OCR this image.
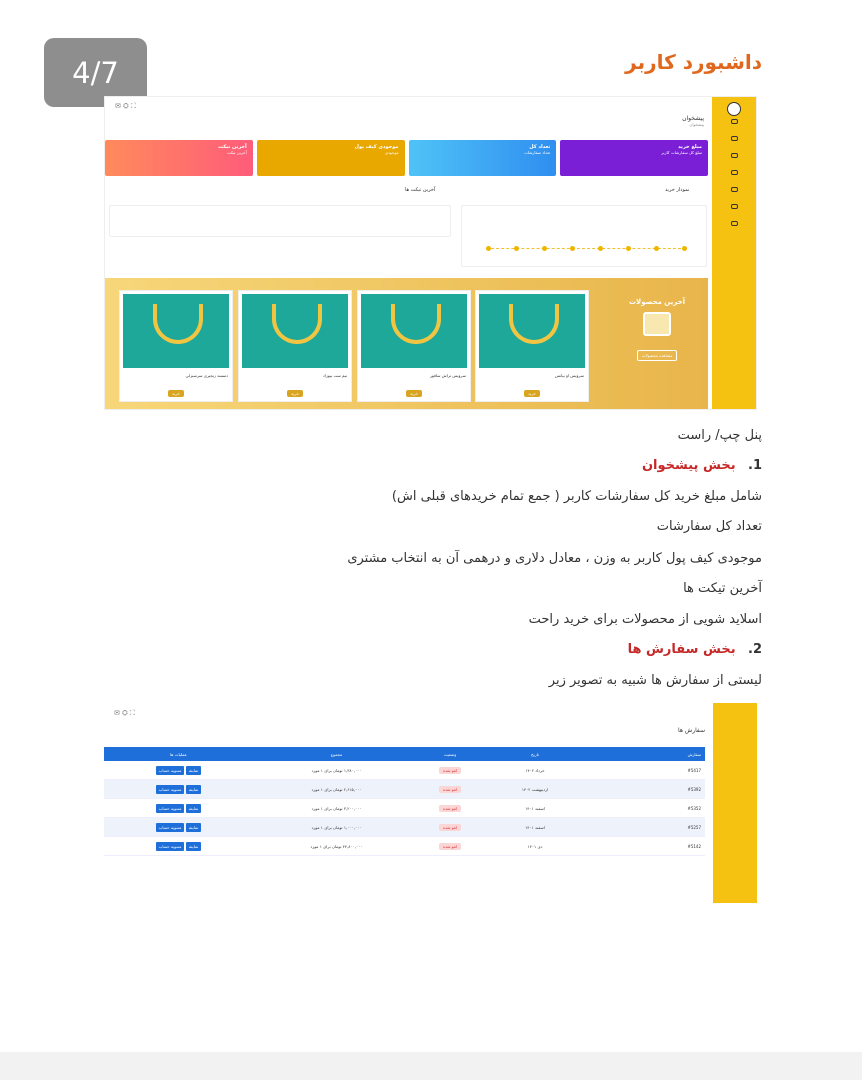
4/7	داشبورد کاربر
✉ ⛭ ⛶
پیشخوان
پیشخوان
آخرین تیکت
آخرین تیکت
موجودی کیف پول
موجودی
تعداد کل
تعداد سفارشات
مبلغ خرید
مبلغ کل سفارشات کاربر
آخرین تیکت ها	نمودار خرید
دستبند زنجیری سرسبزلی
خرید
نیم ست بیوزاد
خرید
سرویس تراش سافور
خرید
سرویس او بیانس
خرید
آخرین محصولات
مشاهده محصولات
پنل چپ/ راست
1.   بخش پیشخوان
شامل مبلغ خرید کل سفارشات کاربر ( جمع تمام خریدهای قبلی اش)
تعداد کل سفارشات
موجودی کیف پول کاربر به وزن ، معادل دلاری و درهمی آن به انتخاب مشتری
آخرین تیکت ها
اسلاید شویی از محصولات برای خرید راحت
2.   بخش سفارش ها
لیستی از سفارش ها شبیه به تصویر زیر
✉ ⛭ ⛶
سفارش ها
سفارش
تاریخ
وضعیت
مجموع
عملیات ها
#5417
خرداد ۱۴۰۲
لغو شده
۱,۳۸۰,۰۰۰ تومان برای ۱ مورد
نمایشتسویه حساب
#5392
اردیبهشت ۱۴۰۲
لغو شده
۲,۶۱۵,۰۰۰ تومان برای ۱ مورد
نمایشتسویه حساب
#5352
اسفند ۱۴۰۱
لغو شده
۳,۲۰۰,۰۰۰ تومان برای ۱ مورد
نمایشتسویه حساب
#5257
اسفند ۱۴۰۱
لغو شده
۱,۰۰۰,۰۰۰ تومان برای ۱ مورد
نمایشتسویه حساب
#5142
دی ۱۴۰۱
لغو شده
۴۴,۸۰۰,۰۰۰ تومان برای ۱ مورد
نمایشتسویه حساب
